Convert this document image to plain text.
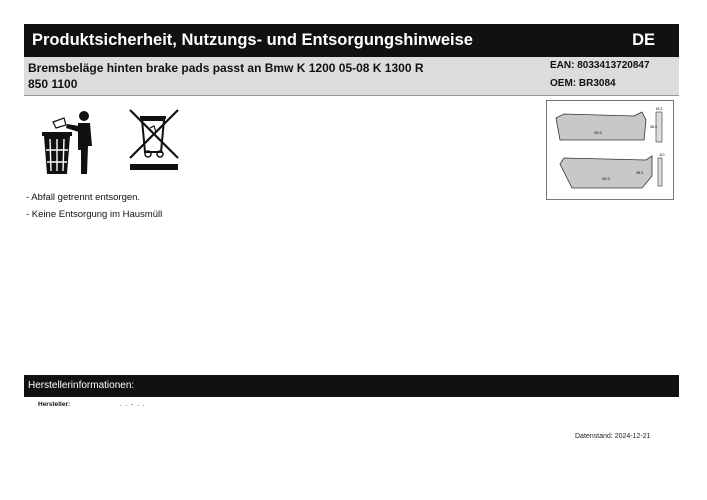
Produktsicherheit, Nutzungs- und Entsorgungshinweise	DE
Bremsbeläge hinten brake pads passt an Bmw K 1200 05-08 K 1300 R 850 1100
EAN: 8033413720847
OEM: BR3084
92.0
38.3
18.3
92.0
38.3
8.0
- Abfall getrennt entsorgen.
- Keine Entsorgung im Hausmüll
Herstellerinformationen:
Hersteller:	. . - . .
Datenstand: 2024-12-21
